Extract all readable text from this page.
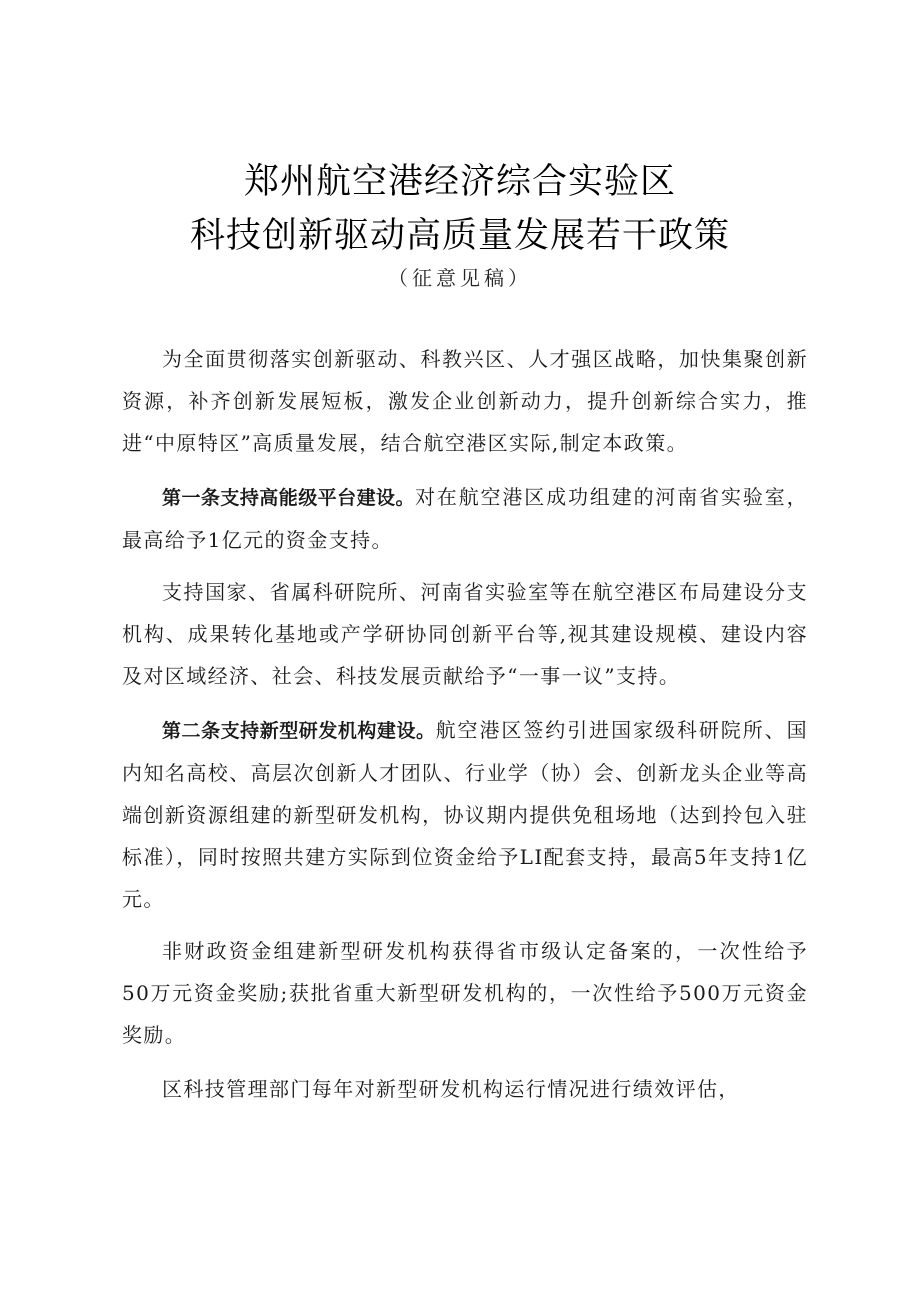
郑州航空港经济综合实验区
科技创新驱动高质量发展若干政策
（征意见稿）

为全面贯彻落实创新驱动、科教兴区、人才强区战略，加快集聚创新资源，补齐创新发展短板，激发企业创新动力，提升创新综合实力，推进“中原特区”高质量发展，结合航空港区实际,制定本政策。

第一条支持高能级平台建设。对在航空港区成功组建的河南省实验室，最高给予1亿元的资金支持。

支持国家、省属科研院所、河南省实验室等在航空港区布局建设分支机构、成果转化基地或产学研协同创新平台等,视其建设规模、建设内容及对区域经济、社会、科技发展贡献给予“一事一议”支持。

第二条支持新型研发机构建设。航空港区签约引进国家级科研院所、国内知名高校、高层次创新人才团队、行业学（协）会、创新龙头企业等高端创新资源组建的新型研发机构，协议期内提供免租场地（达到拎包入驻标准），同时按照共建方实际到位资金给予LI配套支持，最高5年支持1亿元。

非财政资金组建新型研发机构获得省市级认定备案的，一次性给予50万元资金奖励;获批省重大新型研发机构的，一次性给予500万元资金奖励。

区科技管理部门每年对新型研发机构运行情况进行绩效评估，
